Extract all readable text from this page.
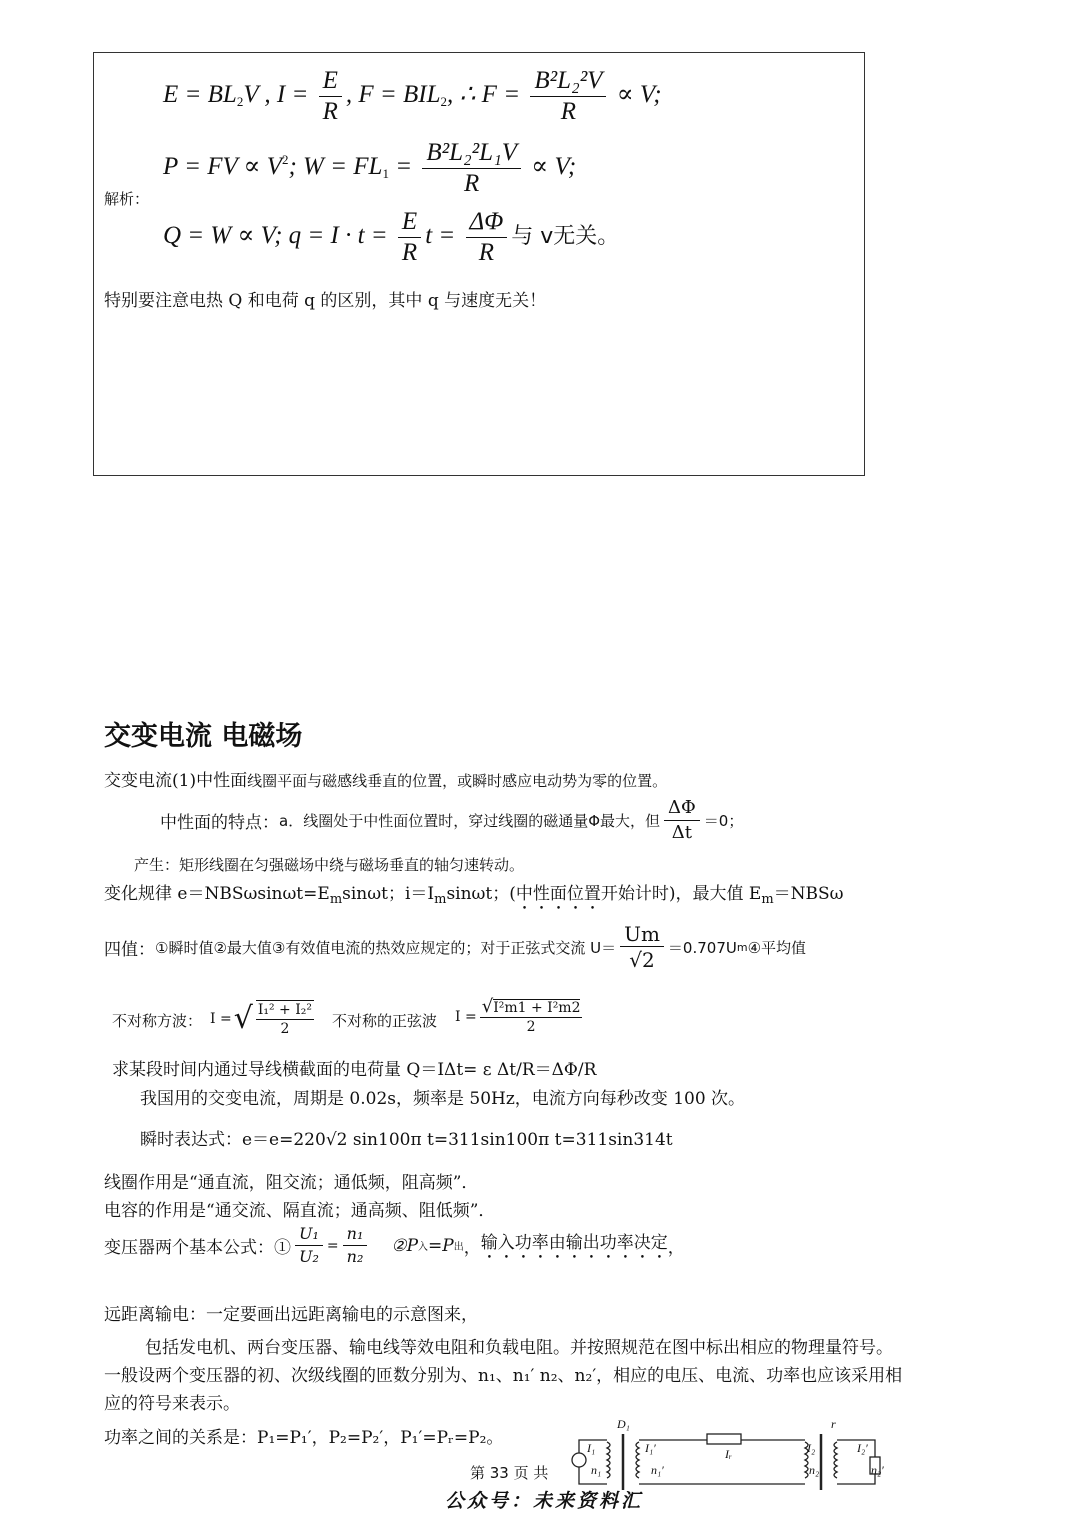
$E = BL_2V$ , $I = \frac{E}{R}$ , $F = BIL_2$, ∴ $F = \frac{\text{B²L₂²V}}{R} \propto V$;
P = FV ∝ $V^2$; $W = FL_1 = \frac{\text{B²L₂²L₁V}}{R} \propto V$;
解析：
Q = W ∝ V; $q = I \cdot t = \frac{E}{R}$ $t = \frac{\Delta\Phi}{R}$ 与 v无关。
特别要注意电热 Q 和电荷 q 的区别，其中 q 与速度无关！
交变电流 电磁场
交变电流(1)中性面线圈平面与磁感线垂直的位置，或瞬时感应电动势为零的位置。
中性面的特点： a．线圈处于中性面位置时，穿过线圈的磁通量Φ最大，但 $\frac{\Delta\Phi}{\Delta t} =0$；
产生：矩形线圈在匀强磁场中绕与磁场垂直的轴匀速转动。
变化规律 $e=NBS\omega\sin\omega t=E_m\sin\omega t$；$i=I_m\sin\omega t$；(中性面位置开始计时)，最大值 $E_m=NBS\omega$
四值： ①瞬时值②最大值③有效值电流的热效应规定的；对于正弦式交流 $U= \frac{Um}{√2} =0.707U$ m ④平均值
不对称方波： I = √ $\frac{\text{I₁² + I₂²}}{2}$ 不对称的正弦波 $I = \frac{\text{√I²m1 + I²m2}}{2}$
求某段时间内通过导线横截面的电荷量 Q＝IΔt= ε Δt/R＝ΔΦ/R
我国用的交变电流，周期是 0.02s，频率是 50Hz，电流方向每秒改变 100 次。
瞬时表达式：e＝e=220√2 sin100π t=311sin100π t=311sin314t
线圈作用是“通直流，阻交流；通低频，阻高频”．
电容的作用是“通交流、隔直流；通高频、阻低频”．
变压器两个基本公式：① $\frac{\text{U₁}}{\text{U₂}} = \frac{\text{n₁}}{\text{n₂}}$ ②P 入 =P 出 ， 输入功率由输出功率决定 ，
远距离输电：一定要画出远距离输电的示意图来，
包括发电机、两台变压器、输电线等效电阻和负载电阻。并按照规范在图中标出相应的物理量符号。
一般设两个变压器的初、次级线圈的匝数分别为、n₁、n₁′ n₂、n₂′，相应的电压、电流、功率也应该采用相
应的符号来表示。
功率之间的关系是：P₁=P₁′，P₂=P₂′，P₁′=Pᵣ=P₂。
D₁
I₁
n₁
I₁′
n₁′
Iᵣ	I₂
n₂
r
I₂′
n₂′
第 33 页 共
公众号：未来资料汇
